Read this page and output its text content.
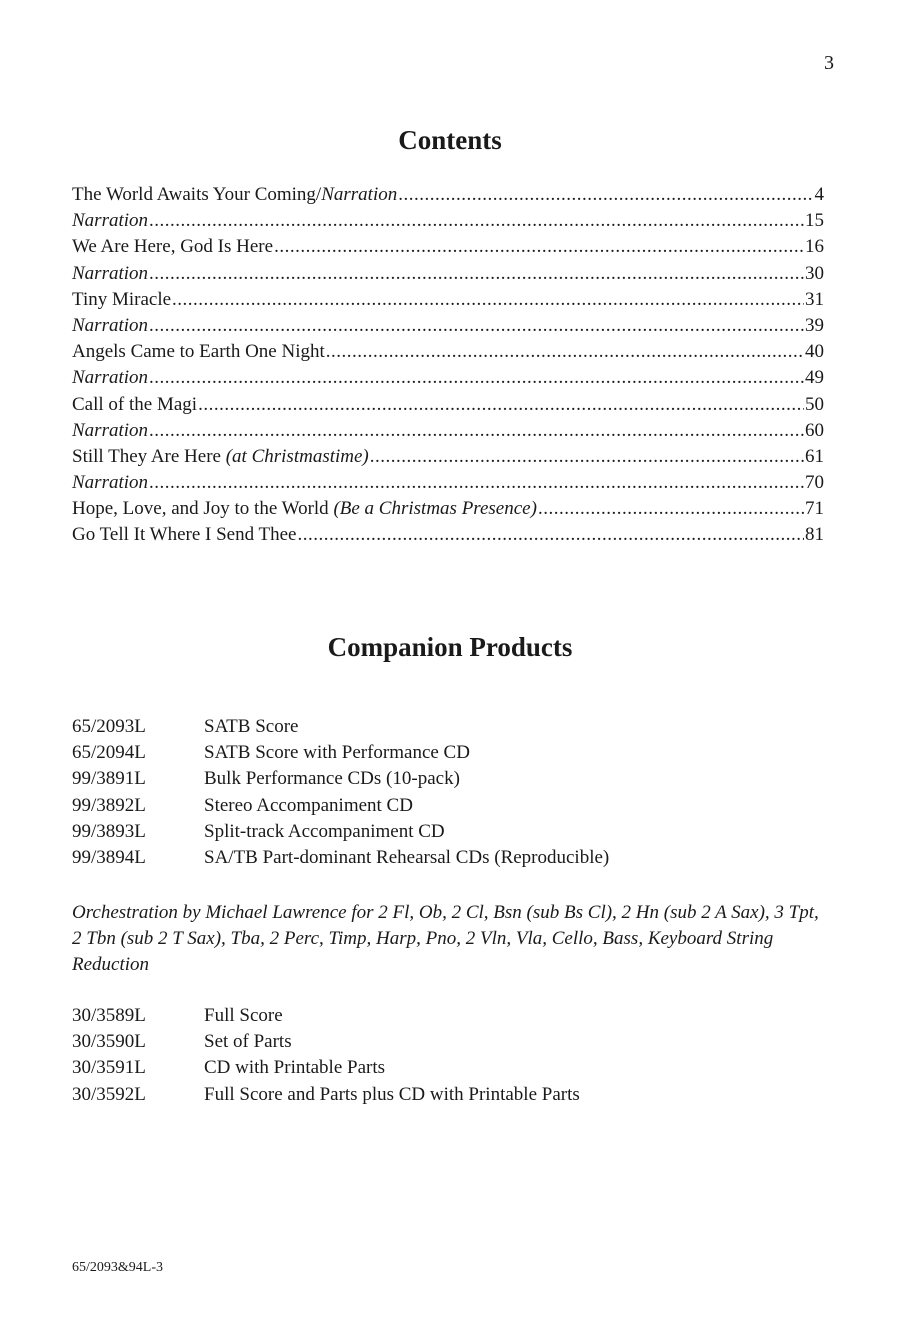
3
Contents
The World Awaits Your Coming/Narration .....	4
Narration .....	15
We Are Here, God Is Here .....	16
Narration .....	30
Tiny Miracle .....	31
Narration .....	39
Angels Came to Earth One Night .....	40
Narration .....	49
Call of the Magi .....	50
Narration .....	60
Still They Are Here (at Christmastime) .....	61
Narration .....	70
Hope, Love, and Joy to the World (Be a Christmas Presence) .....	71
Go Tell It Where I Send Thee .....	81
Companion Products
65/2093L	SATB Score
65/2094L	SATB Score with Performance CD
99/3891L	Bulk Performance CDs (10-pack)
99/3892L	Stereo Accompaniment CD
99/3893L	Split-track Accompaniment CD
99/3894L	SA/TB Part-dominant Rehearsal CDs (Reproducible)

Orchestration by Michael Lawrence for 2 Fl, Ob, 2 Cl, Bsn (sub Bs Cl), 2 Hn (sub 2 A Sax), 3 Tpt, 2 Tbn (sub 2 T Sax), Tba, 2 Perc, Timp, Harp, Pno, 2 Vln, Vla, Cello, Bass, Keyboard String Reduction

30/3589L	Full Score
30/3590L	Set of Parts
30/3591L	CD with Printable Parts
30/3592L	Full Score and Parts plus CD with Printable Parts
65/2093&94L-3
